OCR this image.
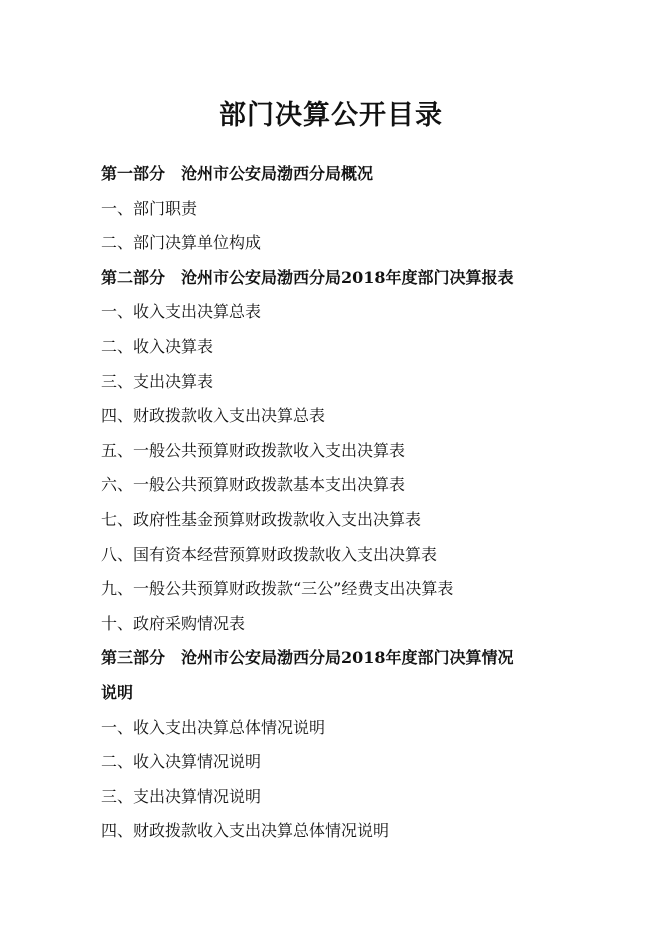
部门决算公开目录
第一部分 沧州市公安局渤西分局概况
一、部门职责
二、部门决算单位构成
第二部分 沧州市公安局渤西分局2018年度部门决算报表
一、收入支出决算总表
二、收入决算表
三、支出决算表
四、财政拨款收入支出决算总表
五、一般公共预算财政拨款收入支出决算表
六、一般公共预算财政拨款基本支出决算表
七、政府性基金预算财政拨款收入支出决算表
八、国有资本经营预算财政拨款收入支出决算表
九、一般公共预算财政拨款“三公”经费支出决算表
十、政府采购情况表
第三部分 沧州市公安局渤西分局2018年度部门决算情况
说明
一、收入支出决算总体情况说明
二、收入决算情况说明
三、支出决算情况说明
四、财政拨款收入支出决算总体情况说明
